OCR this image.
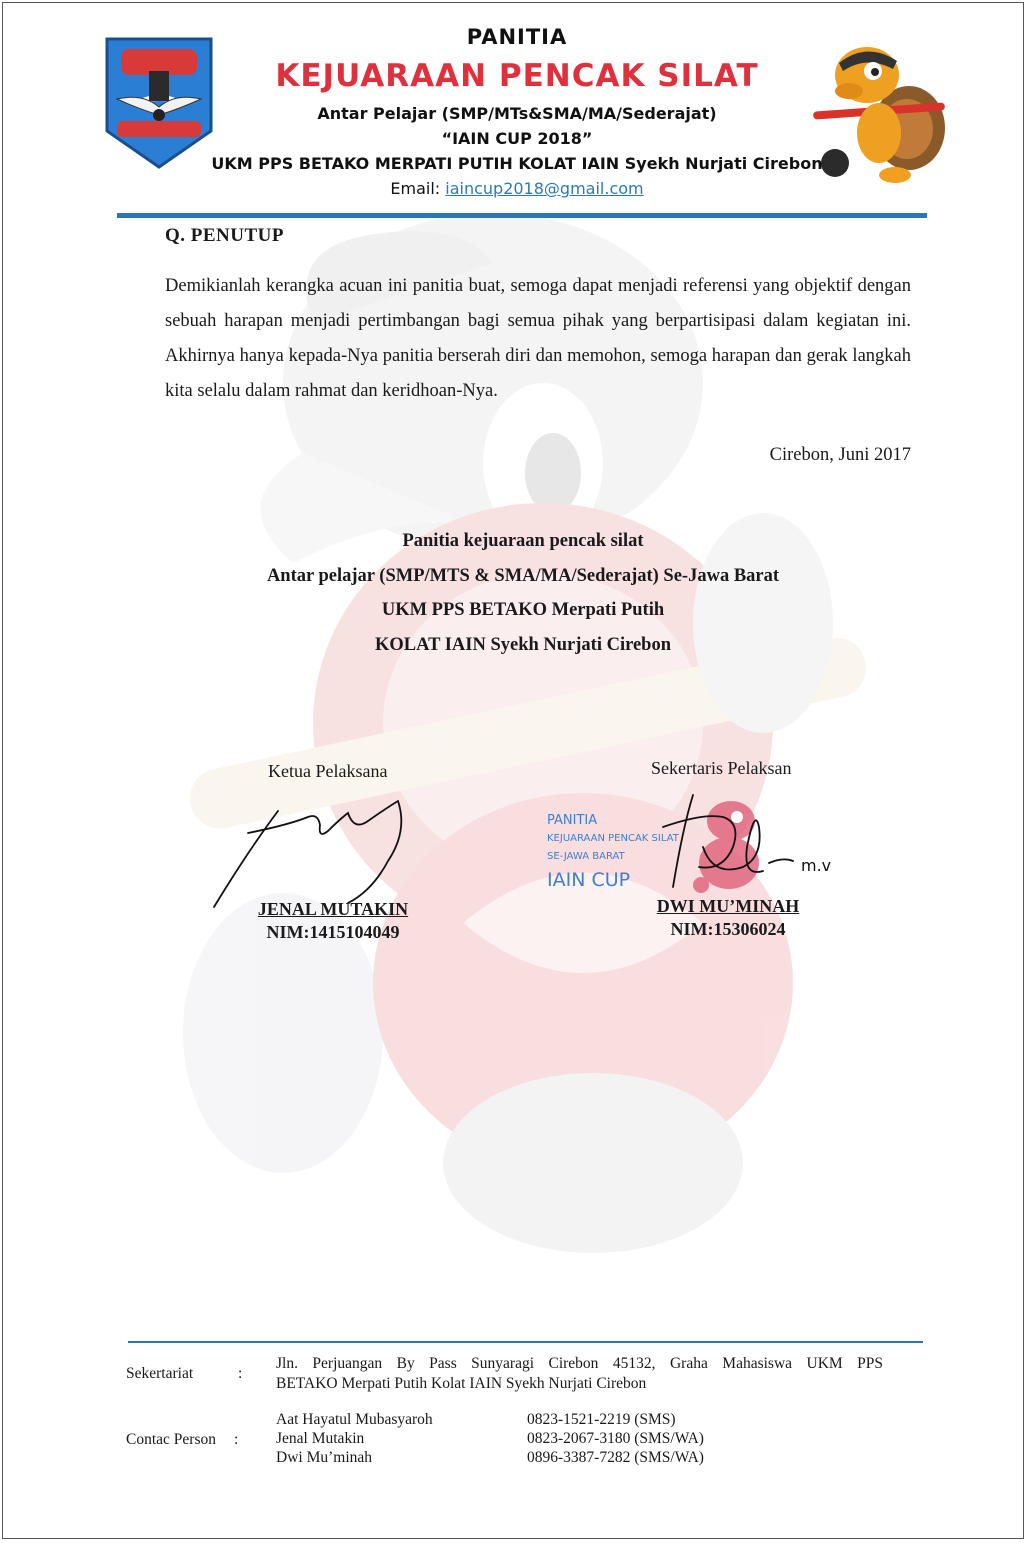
PANITIA
KEJUARAAN PENCAK SILAT
Antar Pelajar (SMP/MTs&SMA/MA/Sederajat)
“IAIN CUP 2018”
UKM PPS BETAKO MERPATI PUTIH KOLAT IAIN Syekh Nurjati Cirebon
Email: iaincup2018@gmail.com
Q. PENUTUP
Demikianlah kerangka acuan ini panitia buat, semoga dapat menjadi referensi yang objektif dengan sebuah harapan menjadi pertimbangan bagi semua pihak yang berpartisipasi dalam kegiatan ini. Akhirnya hanya kepada-Nya panitia berserah diri dan memohon, semoga harapan dan gerak langkah kita selalu dalam rahmat dan keridhoan-Nya.
Cirebon, Juni 2017
Panitia kejuaraan pencak silat
Antar pelajar (SMP/MTS & SMA/MA/Sederajat) Se-Jawa Barat
UKM PPS BETAKO Merpati Putih
KOLAT IAIN Syekh Nurjati Cirebon
Ketua Pelaksana
JENAL MUTAKIN
NIM:1415104049
Sekertaris Pelaksan
PANITIA
KEJUARAAN PENCAK SILAT
SE-JAWA BARAT
IAIN CUP
m.v
DWI MU’MINAH
NIM:15306024
Sekertariat	:
Jln. Perjuangan By Pass Sunyaragi Cirebon 45132, Graha Mahasiswa UKM PPS
BETAKO Merpati Putih Kolat IAIN Syekh Nurjati Cirebon
Contac Person :
Aat Hayatul Mubasyaroh	0823-1521-2219 (SMS)
Jenal Mutakin	0823-2067-3180 (SMS/WA)
Dwi Mu’minah	0896-3387-7282 (SMS/WA)
